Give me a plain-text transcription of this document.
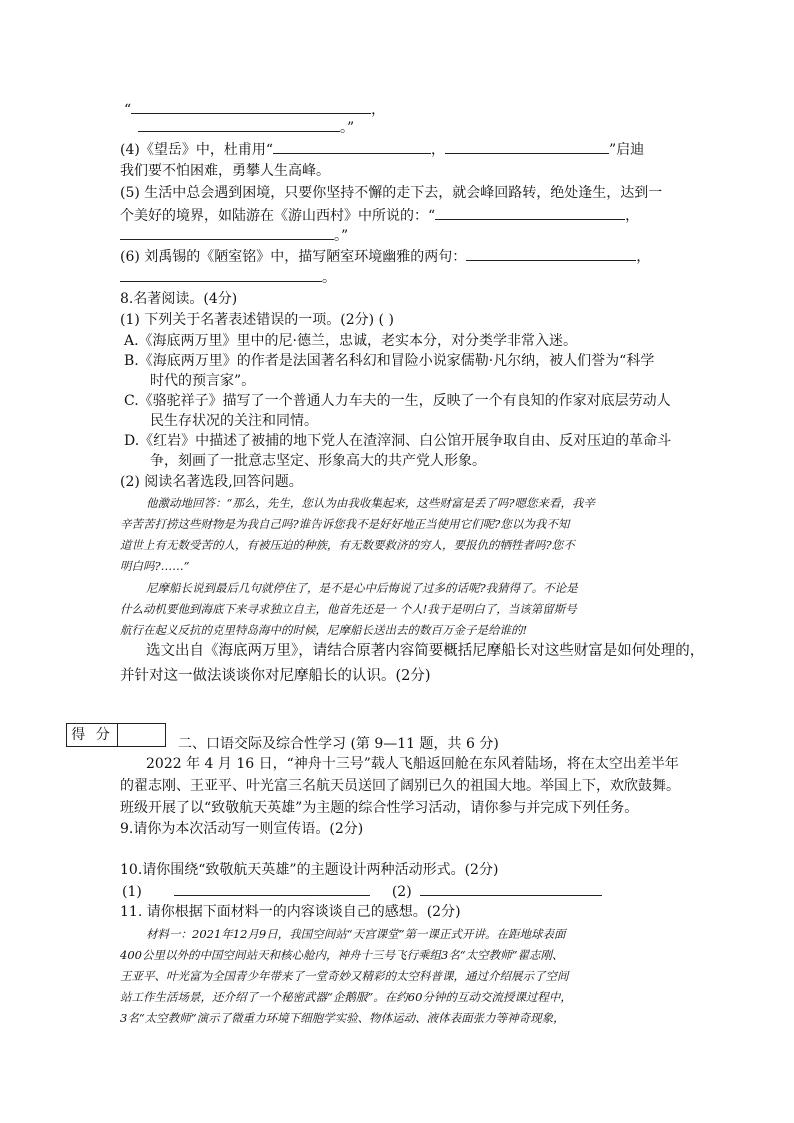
“	，
。”
(4)《望岳》中，杜甫用“	，	”启迪
我们要不怕困难，勇攀人生高峰。
(5) 生活中总会遇到困境，只要你坚持不懈的走下去，就会峰回路转，绝处逢生，达到一
个美好的境界，如陆游在《游山西村》中所说的：“	，
。”
(6) 刘禹锡的《陋室铭》中，描写陋室环境幽雅的两句：	，
。
8.名著阅读。(4分)
(1) 下列关于名著表述错误的一项。(2分) ( )
A.《海底两万里》里中的尼·德兰，忠诚，老实本分，对分类学非常入迷。
B.《海底两万里》的作者是法国著名科幻和冒险小说家儒勒·凡尔纳，被人们誉为“科学
时代的预言家”。
C.《骆驼祥子》描写了一个普通人力车夫的一生，反映了一个有良知的作家对底层劳动人
民生存状况的关注和同情。
D.《红岩》中描述了被捕的地下党人在渣滓洞、白公馆开展争取自由、反对压迫的革命斗
争，刻画了一批意志坚定、形象高大的共产党人形象。
(2) 阅读名著选段,回答问题。
他激动地回答：“那么，先生，您认为由我收集起来，这些财富是丢了吗?嗯您来看，我辛
辛苦苦打捞这些财物是为我自己吗?谁告诉您我不是好好地正当使用它们呢?您以为我不知
道世上有无数受苦的人，有被压迫的种族，有无数要救济的穷人，要报仇的牺牲者吗?您不
明白吗?……”
尼摩船长说到最后几句就停住了，是不是心中后悔说了过多的话呢?我猜得了。不论是
什么动机要他到海底下来寻求独立自主，他首先还是一 个人!我于是明白了，当该第留斯号
航行在起义反抗的克里特岛海中的时候，尼摩船长送出去的数百万金子是给谁的!
选文出自《海底两万里》，请结合原著内容简要概括尼摩船长对这些财富是如何处理的，
并针对这一做法谈谈你对尼摩船长的认识。(2分)
得 分
二、口语交际及综合性学习 (第 9—11 题，共 6 分)
2022 年 4 月 16 日，“神舟十三号”载人飞船返回舱在东风着陆场，将在太空出差半年
的翟志刚、王亚平、叶光富三名航天员送回了阔别已久的祖国大地。举国上下，欢欣鼓舞。
班级开展了以“致敬航天英雄”为主题的综合性学习活动，请你参与并完成下列任务。
9.请你为本次活动写一则宣传语。(2分)
10.请你围绕“致敬航天英雄”的主题设计两种活动形式。(2分)
(1)	(2)
11. 请你根据下面材料一的内容谈谈自己的感想。(2分)
材料一：2021年12月9日，我国空间站“天宫课堂”第一课正式开讲。在距地球表面
400公里以外的中国空间站天和核心舱内，神舟十三号飞行乘组3名“太空教师”翟志刚、
王亚平、叶光富为全国青少年带来了一堂奇妙又精彩的太空科普课，通过介绍展示了空间
站工作生活场景，还介绍了一个秘密武器“企鹅服”。在约60分钟的互动交流授课过程中，
3名“太空教师”演示了微重力环境下细胞学实验、物体运动、液体表面张力等神奇现象，
